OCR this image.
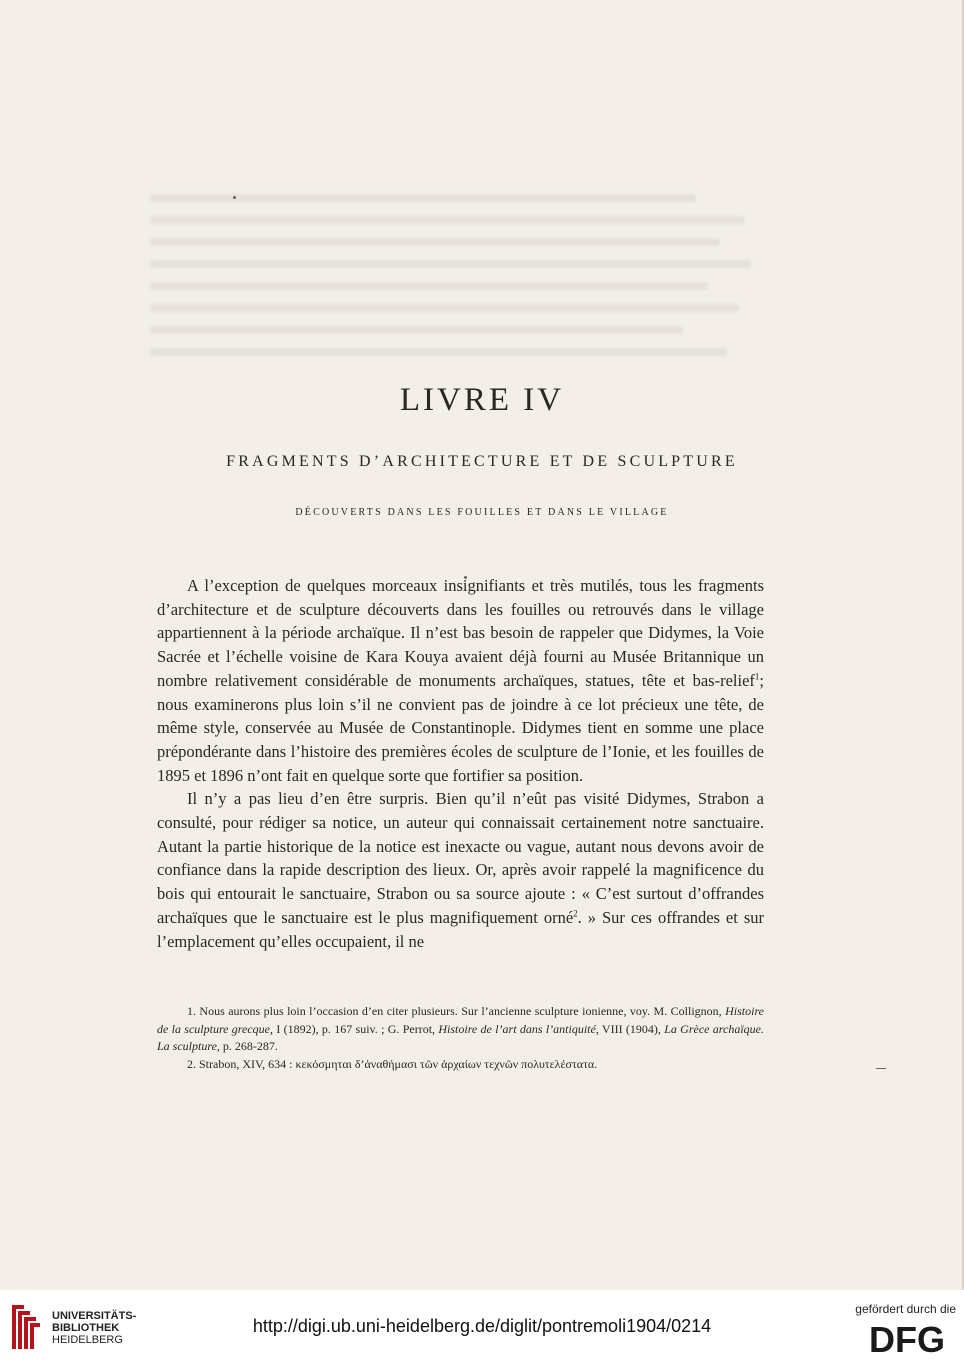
LIVRE IV
FRAGMENTS D’ARCHITECTURE ET DE SCULPTURE
DÉCOUVERTS DANS LES FOUILLES ET DANS LE VILLAGE

A l’exception de quelques morceaux insignifiants et très mutilés, tous les fragments d’architecture et de sculpture découverts dans les fouilles ou retrouvés dans le village appartiennent à la période archaïque. Il n’est bas besoin de rappeler que Didymes, la Voie Sacrée et l’échelle voisine de Kara Kouya avaient déjà fourni au Musée Britannique un nombre relativement considérable de monuments archaïques, statues, tête et bas-relief$^1$; nous examinerons plus loin s’il ne convient pas de joindre à ce lot précieux une tête, de même style, conservée au Musée de Constantinople. Didymes tient en somme une place prépondérante dans l’histoire des premières écoles de sculpture de l’Ionie, et les fouilles de 1895 et 1896 n’ont fait en quelque sorte que fortifier sa position.

Il n’y a pas lieu d’en être surpris. Bien qu’il n’eût pas visité Didymes, Strabon a consulté, pour rédiger sa notice, un auteur qui connaissait certainement notre sanctuaire. Autant la partie historique de la notice est inexacte ou vague, autant nous devons avoir de confiance dans la rapide description des lieux. Or, après avoir rappelé la magnificence du bois qui entourait le sanctuaire, Strabon ou sa source ajoute : « C’est surtout d’offrandes archaïques que le sanctuaire est le plus magnifiquement orné$^2$. » Sur ces offrandes et sur l’emplacement qu’elles occupaient, il ne

1. Nous aurons plus loin l’occasion d’en citer plusieurs. Sur l’ancienne sculpture ionienne, voy. M. Collignon, Histoire de la sculpture grecque, I (1892), p. 167 suiv. ; G. Perrot, Histoire de l’art dans l’antiquité, VIII (1904), La Grèce archaïque. La sculpture, p. 268-287.

2. Strabon, XIV, 634 : κεκόσμηται δ’ἀναθήμασι τῶν ἀρχαίων τεχνῶν πολυτελέστατα.

UNIVERSITÄTS-
BIBLIOTHEK
HEIDELBERG
http://digi.ub.uni-heidelberg.de/diglit/pontremoli1904/0214
gefördert durch die
DFG
